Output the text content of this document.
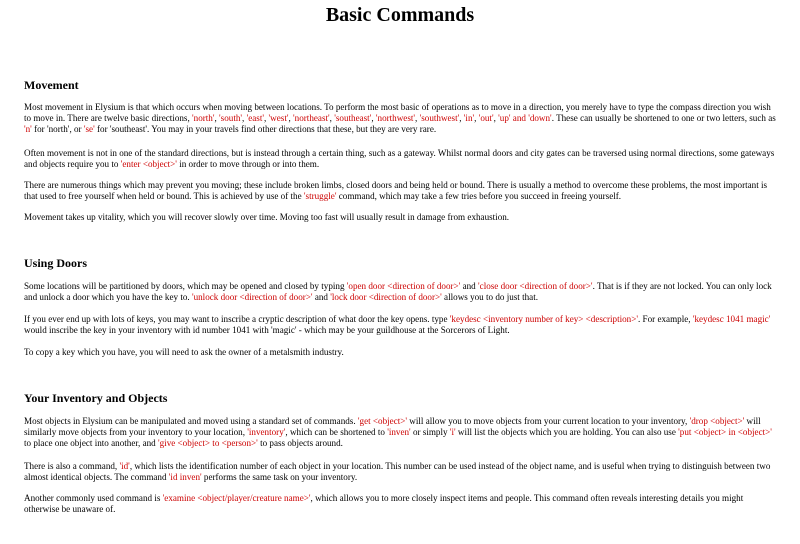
Basic Commands
Movement

Most movement in Elysium is that which occurs when moving between locations. To perform the most basic of operations as to move in a direction, you merely have to type the compass direction you wish to move in. There are twelve basic directions, 'north', 'south', 'east', 'west', 'northeast', 'southeast', 'northwest', 'southwest', 'in', 'out', 'up' and 'down'. These can usually be shortened to one or two letters, such as 'n' for 'north', or 'se' for 'southeast'. You may in your travels find other directions that these, but they are very rare.

Often movement is not in one of the standard directions, but is instead through a certain thing, such as a gateway. Whilst normal doors and city gates can be traversed using normal directions, some gateways and objects require you to 'enter <object>' in order to move through or into them.

There are numerous things which may prevent you moving; these include broken limbs, closed doors and being held or bound. There is usually a method to overcome these problems, the most important is that used to free yourself when held or bound. This is achieved by use of the 'struggle' command, which may take a few tries before you succeed in freeing yourself.

Movement takes up vitality, which you will recover slowly over time. Moving too fast will usually result in damage from exhaustion.

Using Doors

Some locations will be partitioned by doors, which may be opened and closed by typing 'open door <direction of door>' and 'close door <direction of door>'. That is if they are not locked. You can only lock and unlock a door which you have the key to. 'unlock door <direction of door>' and 'lock door <direction of door>' allows you to do just that.

If you ever end up with lots of keys, you may want to inscribe a cryptic description of what door the key opens. type 'keydesc <inventory number of key> <description>'. For example, 'keydesc 1041 magic' would inscribe the key in your inventory with id number 1041 with 'magic' - which may be your guildhouse at the Sorcerors of Light.

To copy a key which you have, you will need to ask the owner of a metalsmith industry.

Your Inventory and Objects

Most objects in Elysium can be manipulated and moved using a standard set of commands. 'get <object>' will allow you to move objects from your current location to your inventory, 'drop <object>' will similarly move objects from your inventory to your location, 'inventory', which can be shortened to 'inven' or simply 'i' will list the objects which you are holding. You can also use 'put <object> in <object>' to place one object into another, and 'give <object> to <person>' to pass objects around.

There is also a command, 'id', which lists the identification number of each object in your location. This number can be used instead of the object name, and is useful when trying to distinguish between two almost identical objects. The command 'id inven' performs the same task on your inventory.

Another commonly used command is 'examine <object/player/creature name>', which allows you to more closely inspect items and people. This command often reveals interesting details you might otherwise be unaware of.
